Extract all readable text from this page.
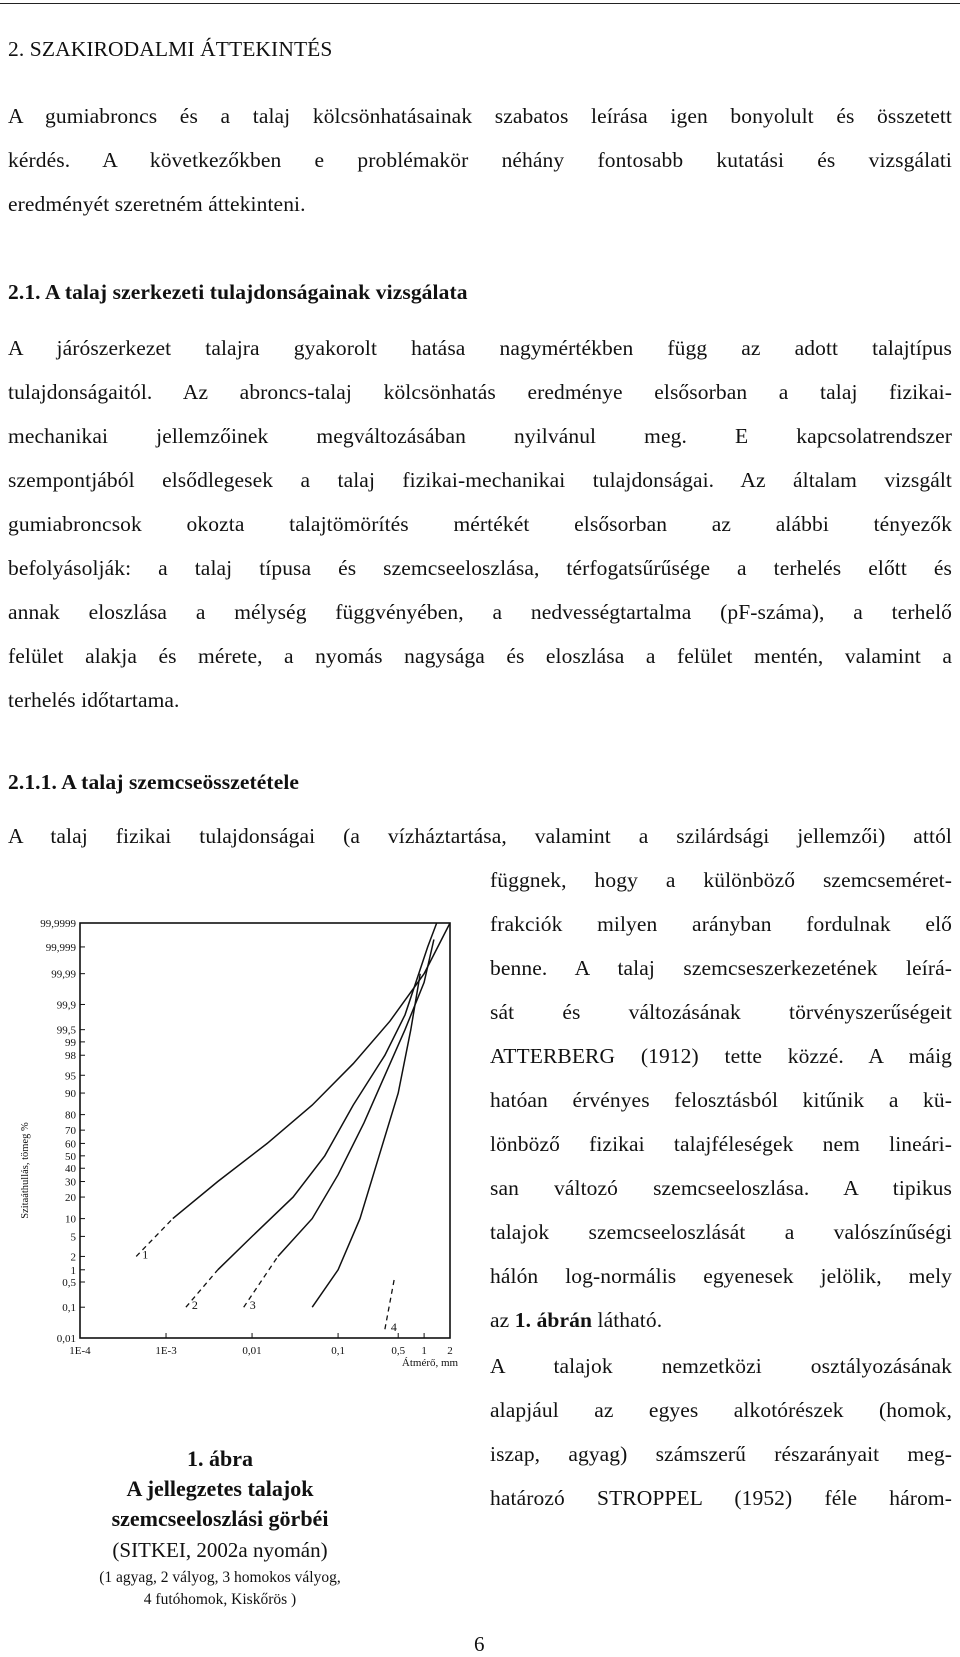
2. SZAKIRODALMI ÁTTEKINTÉS
A gumiabroncs és a talaj kölcsönhatásainak szabatos leírása igen bonyolult és összetett
kérdés. A következőkben e problémakör néhány fontosabb kutatási és vizsgálati
eredményét szeretném áttekinteni.
2.1. A talaj szerkezeti tulajdonságainak vizsgálata
A járószerkezet talajra gyakorolt hatása nagymértékben függ az adott talajtípus
tulajdonságaitól. Az abroncs-talaj kölcsönhatás eredménye elsősorban a talaj fizikai-
mechanikai jellemzőinek megváltozásában nyilvánul meg. E kapcsolatrendszer
szempontjából elsődlegesek a talaj fizikai-mechanikai tulajdonságai. Az általam vizsgált
gumiabroncsok okozta talajtömörítés mértékét elsősorban az alábbi tényezők
befolyásolják: a talaj típusa és szemcseeloszlása, térfogatsűrűsége a terhelés előtt és
annak eloszlása a mélység függvényében, a nedvességtartalma (pF-száma), a terhelő
felület alakja és mérete, a nyomás nagysága és eloszlása a felület mentén, valamint a
terhelés időtartama.
2.1.1. A talaj szemcseösszetétele
A talaj fizikai tulajdonságai (a vízháztartása, valamint a szilárdsági jellemzői) attól
függnek, hogy a különböző szemcseméret-
frakciók milyen arányban fordulnak elő
benne. A talaj szemcseszerkezetének leírá-
sát és változásának törvényszerűségeit
ATTERBERG (1912) tette közzé. A máig
hatóan érvényes felosztásból kitűnik a kü-
lönböző fizikai talajféleségek nem lineári-
san változó szemcseeloszlása. A tipikus
talajok szemcseeloszlását a valószínűségi
hálón log-normális egyenesek jelölik, mely
az 1. ábrán látható.
A talajok nemzetközi osztályozásának
alapjául az egyes alkotórészek (homok,
iszap, agyag) számszerű részarányait meg-
határozó STROPPEL (1952) féle három-
0,01
0,1
0,5
1
2
5
10
20
30
40
50
60
70
80
90
95
98
99
99,5
99,9
99,99
99,999
99,9999
1E-4	1E-3	0,01	0,1	0,5 1 2
Átmérő, mm
Szitaáthullás, tömeg %
1
2	3
4
1. ábra
A jellegzetes talajok
szemcseeloszlási görbéi
(SITKEI, 2002a nyomán)
(1 agyag, 2 vályog, 3 homokos vályog,
4 futóhomok, Kiskőrös )
6
